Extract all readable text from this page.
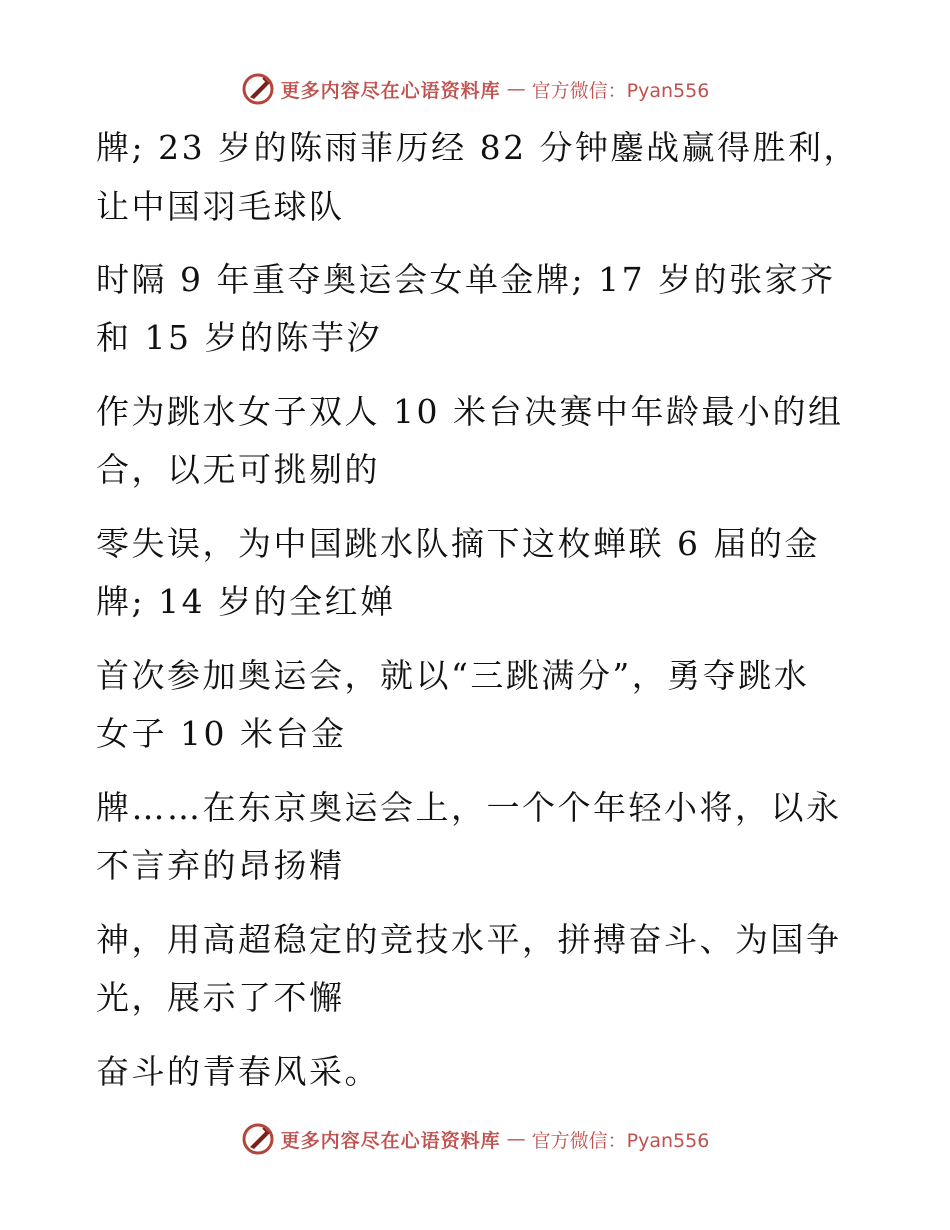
更多内容尽在心语资料库 — 官方微信：Pyan556
牌; 23 岁的陈雨菲历经 82 分钟鏖战赢得胜利，
让中国羽毛球队
时隔 9 年重夺奥运会女单金牌; 17 岁的张家齐
和 15 岁的陈芋汐
作为跳水女子双人 10 米台决赛中年龄最小的组
合，以无可挑剔的
零失误，为中国跳水队摘下这枚蝉联 6 届的金
牌; 14 岁的全红婵
首次参加奥运会，就以“三跳满分”，勇夺跳水
女子 10 米台金
牌……在东京奥运会上，一个个年轻小将，以永
不言弃的昂扬精
神，用高超稳定的竞技水平，拼搏奋斗、为国争
光，展示了不懈
奋斗的青春风采。
更多内容尽在心语资料库 — 官方微信：Pyan556
